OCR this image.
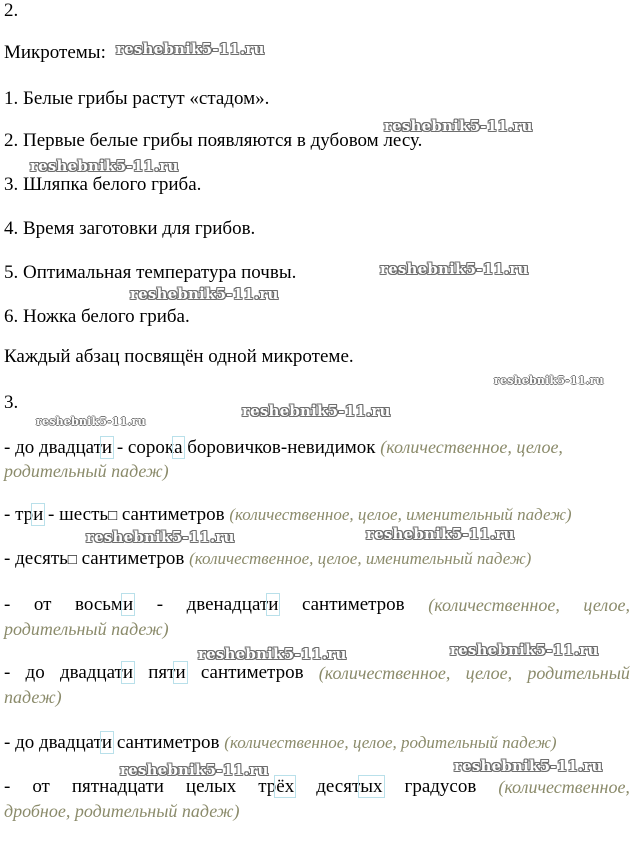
2.
Микротемы:
1. Белые грибы растут «стадом».
2. Первые белые грибы появляются в дубовом лесу.
3. Шляпка белого гриба.
4. Время заготовки для грибов.
5. Оптимальная температура почвы.
6. Ножка белого гриба.
Каждый абзац посвящён одной микротеме.
3.
- до двадцати - сорока боровичков-невидимок (количественное, целое,
родительный падеж)
- три - шесть□ сантиметров (количественное, целое, именительный падеж)
- десять□ сантиметров (количественное, целое, именительный падеж)
- от восьми - двенадцати сантиметров (количественное, целое,
родительный падеж)
- до двадцати пяти сантиметров (количественное, целое, родительный
падеж)
- до двадцати сантиметров (количественное, целое, родительный падеж)
- от пятнадцати целых трёх десятых градусов (количественное,
дробное, родительный падеж)
reshebnik5-11.ru
reshebnik5-11.ru
reshebnik5-11.ru
reshebnik5-11.ru
reshebnik5-11.ru
reshebnik5-11.ru
reshebnik5-11.ru
reshebnik5-11.ru
reshebnik5-11.ru	reshebnik5-11.ru
reshebnik5-11.ru	reshebnik5-11.ru
reshebnik5-11.ru	reshebnik5-11.ru
